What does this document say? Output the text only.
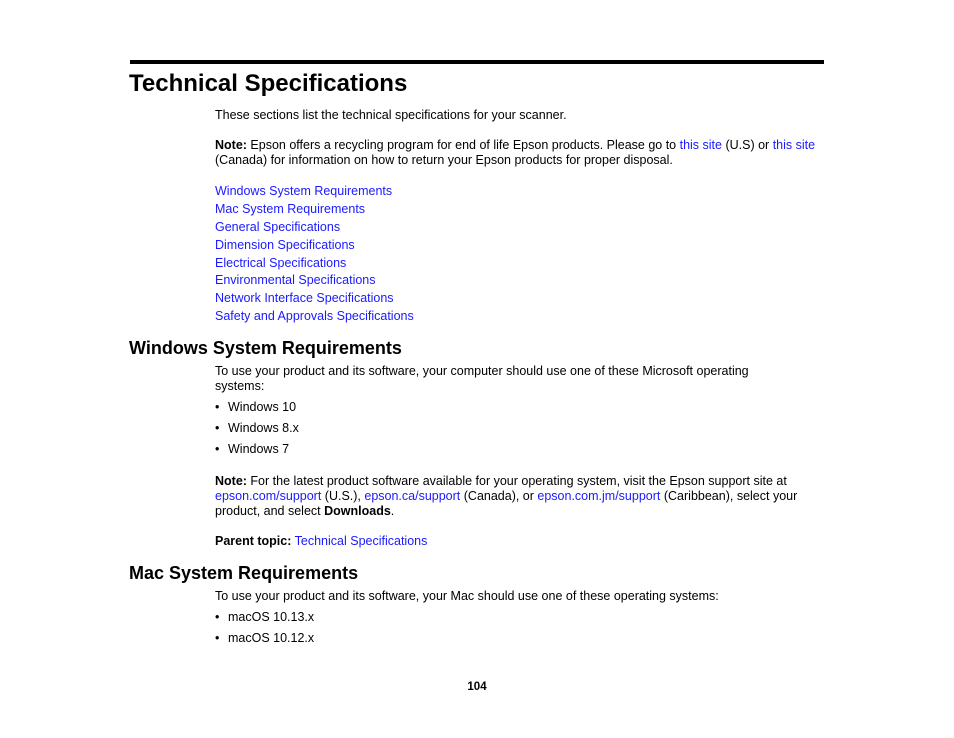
Technical Specifications

These sections list the technical specifications for your scanner.

Note: Epson offers a recycling program for end of life Epson products. Please go to this site (U.S) or this site (Canada) for information on how to return your Epson products for proper disposal.

Windows System Requirements
Mac System Requirements
General Specifications
Dimension Specifications
Electrical Specifications
Environmental Specifications
Network Interface Specifications
Safety and Approvals Specifications
Windows System Requirements

To use your product and its software, your computer should use one of these Microsoft operating systems:

• Windows 10
• Windows 8.x
• Windows 7

Note: For the latest product software available for your operating system, visit the Epson support site at epson.com/support (U.S.), epson.ca/support (Canada), or epson.com.jm/support (Caribbean), select your product, and select Downloads.

Parent topic: Technical Specifications

Mac System Requirements

To use your product and its software, your Mac should use one of these operating systems:

• macOS 10.13.x
• macOS 10.12.x
104
